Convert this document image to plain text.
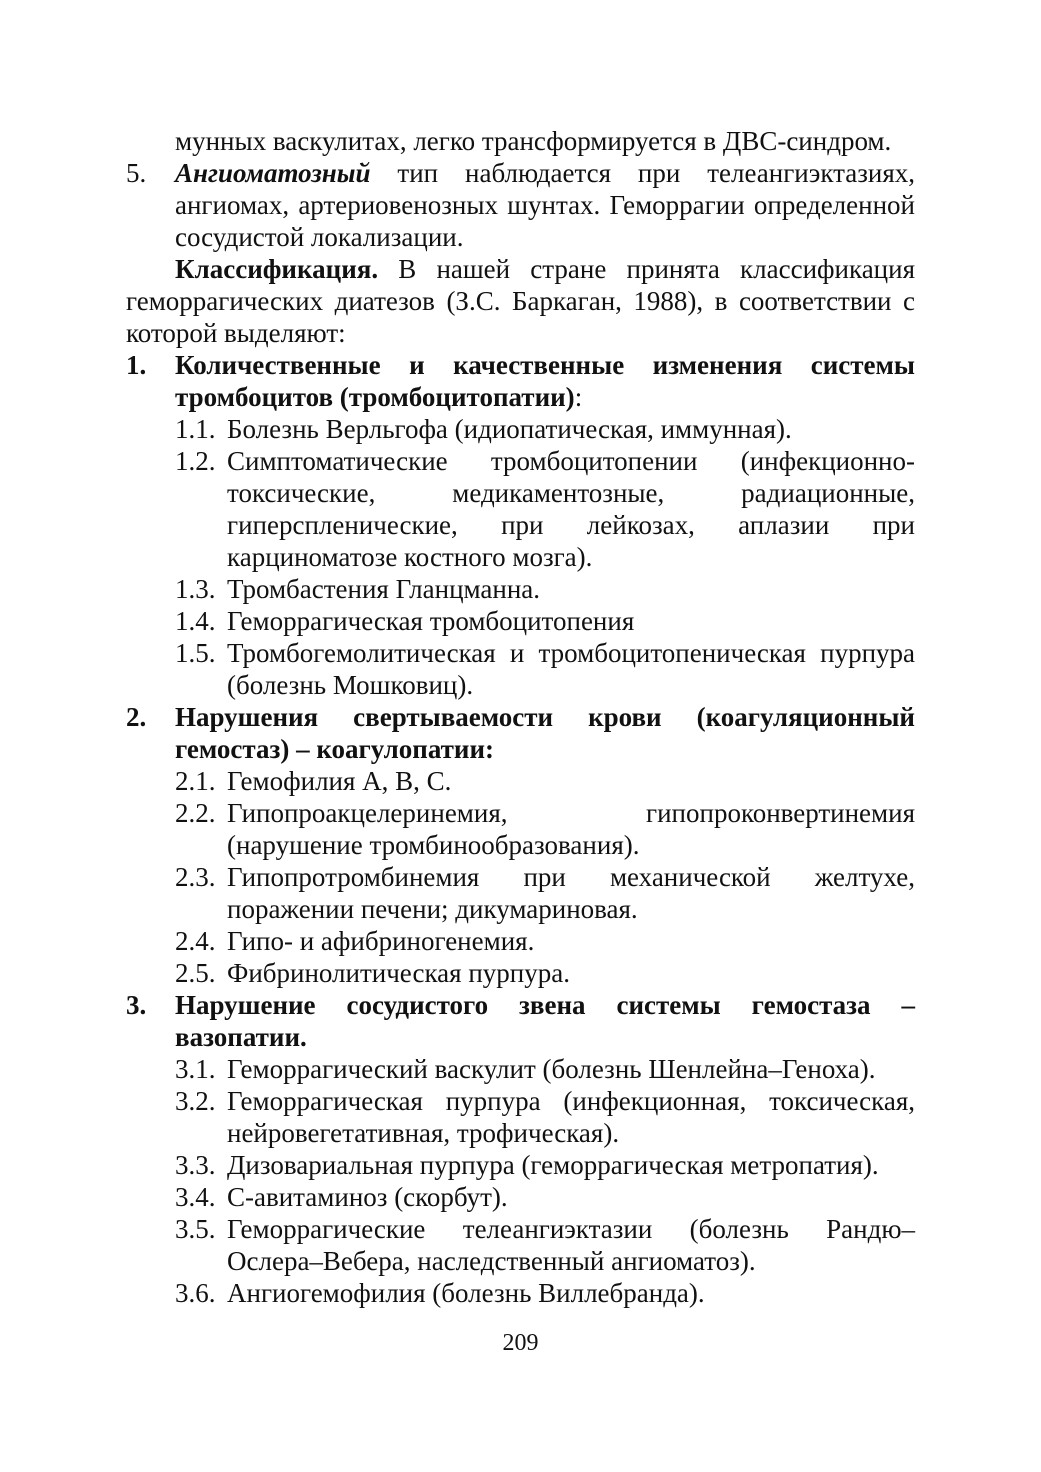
мунных васкулитах, легко трансформируется в ДВС-синдром.
5.	Ангиоматозный тип наблюдается при телеангиэктазиях, ангиомах, артериовенозных шунтах. Геморрагии определенной сосудистой локализации.

Классификация. В нашей стране принята классификация геморрагических диатезов (З.С. Баркаган, 1988), в соответствии с которой выделяют:

1.	Количественные и качественные изменения системы тромбоцитов (тромбоцитопатии):
1.1. Болезнь Верльгофа (идиопатическая, иммунная).
1.2. Симптоматические тромбоцитопении (инфекционно-токсические, медикаментозные, радиационные, гиперспленические, при лейкозах, аплазии при карциноматозе костного мозга).
1.3. Тромбастения Гланцманна.
1.4. Геморрагическая тромбоцитопения
1.5. Тромбогемолитическая и тромбоцитопеническая пурпура (болезнь Мошковиц).
2.	Нарушения свертываемости крови (коагуляционный гемостаз) – коагулопатии:
2.1. Гемофилия А, В, С.
2.2. Гипопроакцелеринемия, гипопроконвертинемия (нарушение тромбинообразования).
2.3. Гипопротромбинемия при механической желтухе, поражении печени; дикумариновая.
2.4. Гипо- и афибриногенемия.
2.5. Фибринолитическая пурпура.
3.	Нарушение сосудистого звена системы гемостаза – вазопатии.
3.1. Геморрагический васкулит (болезнь Шенлейна–Геноха).
3.2. Геморрагическая пурпура (инфекционная, токсическая, нейровегетативная, трофическая).
3.3. Дизовариальная пурпура (геморрагическая метропатия).
3.4. С-авитаминоз (скорбут).
3.5. Геморрагические телеангиэктазии (болезнь Рандю–Ослера–Вебера, наследственный ангиоматоз).
3.6. Ангиогемофилия (болезнь Виллебранда).
209
